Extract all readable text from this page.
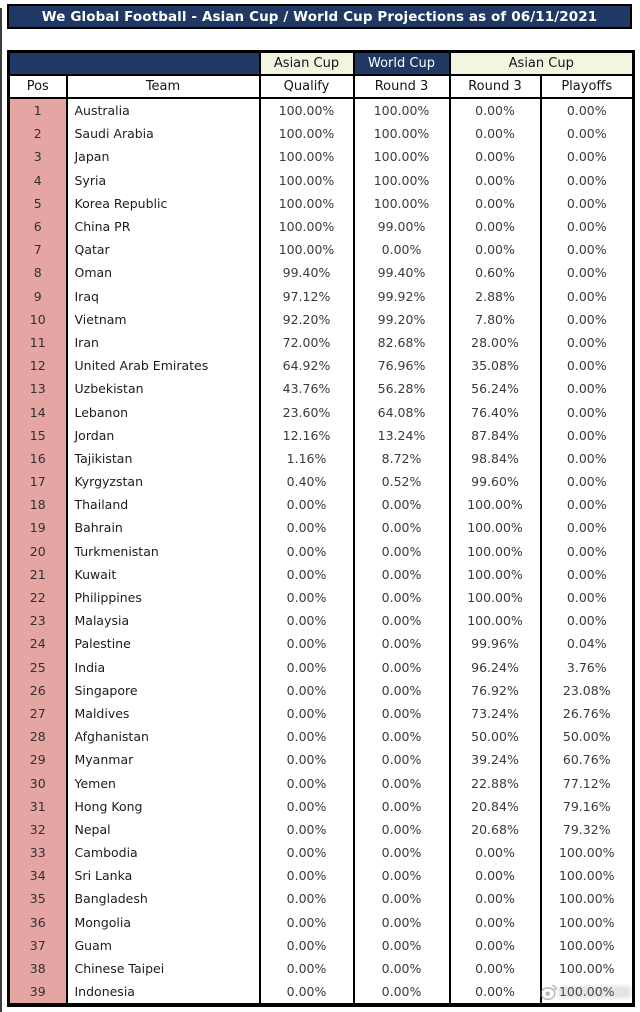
We Global Football - Asian Cup / World Cup Projections as of 06/11/2021
		Asian Cup	World Cup	Asian Cup	
Pos	Team	Qualify	Round 3	Round 3	Playoffs
1	Australia	100.00%	100.00%	0.00%	0.00%
2	Saudi Arabia	100.00%	100.00%	0.00%	0.00%
3	Japan	100.00%	100.00%	0.00%	0.00%
4	Syria	100.00%	100.00%	0.00%	0.00%
5	Korea Republic	100.00%	100.00%	0.00%	0.00%
6	China PR	100.00%	99.00%	0.00%	0.00%
7	Qatar	100.00%	0.00%	0.00%	0.00%
8	Oman	99.40%	99.40%	0.60%	0.00%
9	Iraq	97.12%	99.92%	2.88%	0.00%
10	Vietnam	92.20%	99.20%	7.80%	0.00%
11	Iran	72.00%	82.68%	28.00%	0.00%
12	United Arab Emirates	64.92%	76.96%	35.08%	0.00%
13	Uzbekistan	43.76%	56.28%	56.24%	0.00%
14	Lebanon	23.60%	64.08%	76.40%	0.00%
15	Jordan	12.16%	13.24%	87.84%	0.00%
16	Tajikistan	1.16%	8.72%	98.84%	0.00%
17	Kyrgyzstan	0.40%	0.52%	99.60%	0.00%
18	Thailand	0.00%	0.00%	100.00%	0.00%
19	Bahrain	0.00%	0.00%	100.00%	0.00%
20	Turkmenistan	0.00%	0.00%	100.00%	0.00%
21	Kuwait	0.00%	0.00%	100.00%	0.00%
22	Philippines	0.00%	0.00%	100.00%	0.00%
23	Malaysia	0.00%	0.00%	100.00%	0.00%
24	Palestine	0.00%	0.00%	99.96%	0.04%
25	India	0.00%	0.00%	96.24%	3.76%
26	Singapore	0.00%	0.00%	76.92%	23.08%
27	Maldives	0.00%	0.00%	73.24%	26.76%
28	Afghanistan	0.00%	0.00%	50.00%	50.00%
29	Myanmar	0.00%	0.00%	39.24%	60.76%
30	Yemen	0.00%	0.00%	22.88%	77.12%
31	Hong Kong	0.00%	0.00%	20.84%	79.16%
32	Nepal	0.00%	0.00%	20.68%	79.32%
33	Cambodia	0.00%	0.00%	0.00%	100.00%
34	Sri Lanka	0.00%	0.00%	0.00%	100.00%
35	Bangladesh	0.00%	0.00%	0.00%	100.00%
36	Mongolia	0.00%	0.00%	0.00%	100.00%
37	Guam	0.00%	0.00%	0.00%	100.00%
38	Chinese Taipei	0.00%	0.00%	0.00%	100.00%
39	Indonesia	0.00%	0.00%	0.00%	100.00%
